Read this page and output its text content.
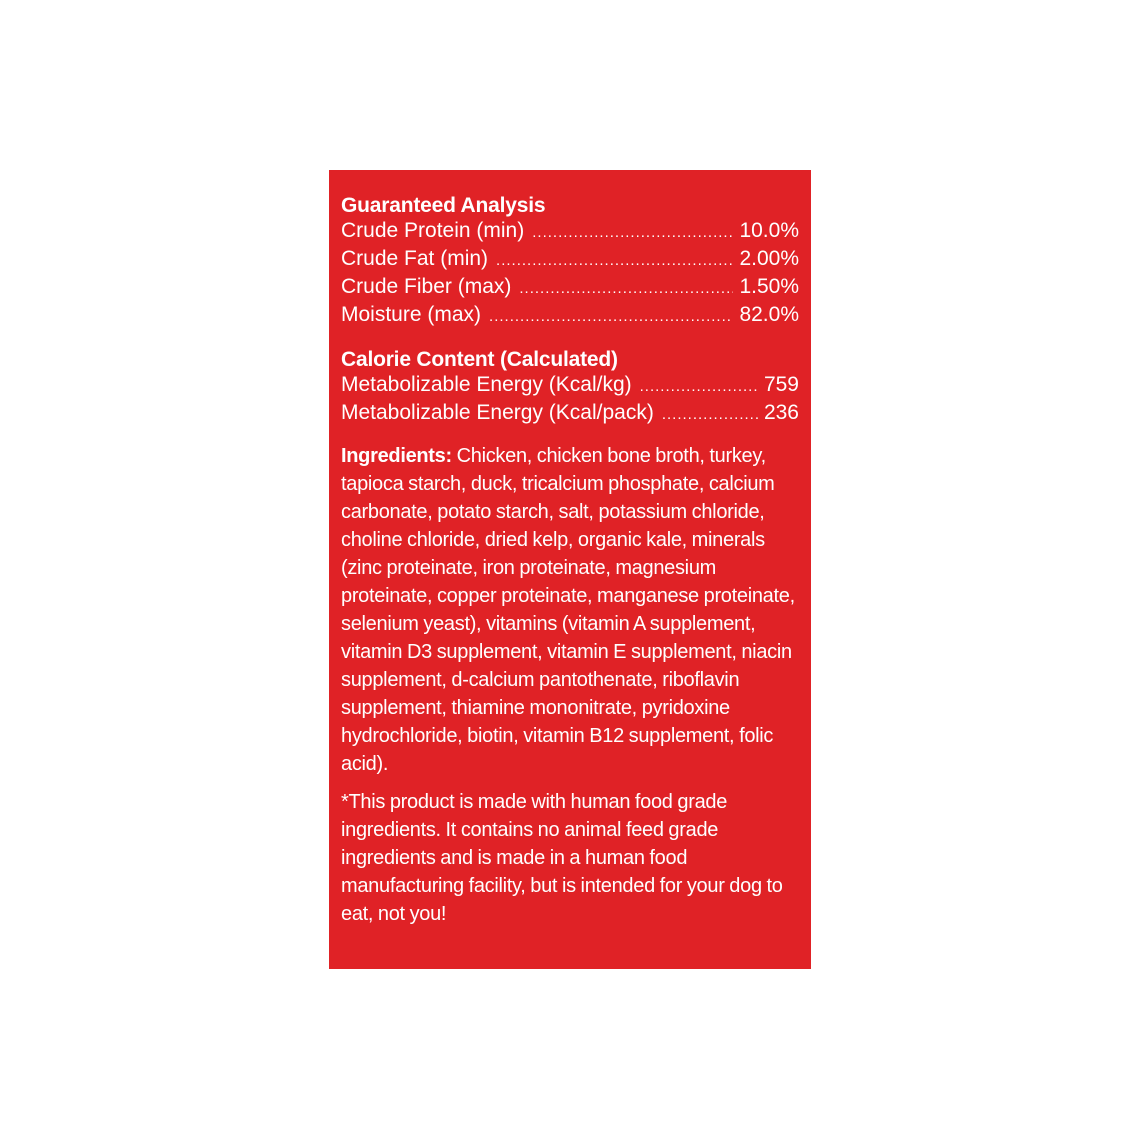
Guaranteed Analysis
Crude Protein (min) .....	10.0%
Crude Fat (min) .....	2.00%
Crude Fiber (max) .....	1.50%
Moisture (max) .....	82.0%
Calorie Content (Calculated)
Metabolizable Energy (Kcal/kg) .....	759
Metabolizable Energy (Kcal/pack) .....	236

Ingredients: Chicken, chicken bone broth, turkey, tapioca starch, duck, tricalcium phosphate, calcium carbonate, potato starch, salt, potassium chloride, choline chloride, dried kelp, organic kale, minerals (zinc proteinate, iron proteinate, magnesium proteinate, copper proteinate, manganese proteinate, selenium yeast), vitamins (vitamin A supplement, vitamin D3 supplement, vitamin E supplement, niacin supplement, d-calcium pantothenate, riboflavin supplement, thiamine mononitrate, pyridoxine hydrochloride, biotin, vitamin B12 supplement, folic acid).

*This product is made with human food grade ingredients. It contains no animal feed grade ingredients and is made in a human food manufacturing facility, but is intended for your dog to eat, not you!
